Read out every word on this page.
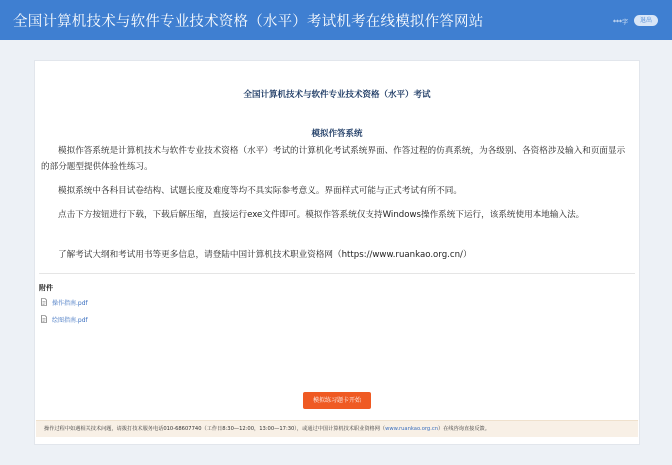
全国计算机技术与软件专业技术资格（水平）考试机考在线模拟作答网站	***字	退出
全国计算机技术与软件专业技术资格（水平）考试
模拟作答系统

模拟作答系统是计算机技术与软件专业技术资格（水平）考试的计算机化考试系统界面、作答过程的仿真系统，为各级别、各资格涉及输入和页面显示的部分题型提供体验性练习。

模拟系统中各科目试卷结构、试题长度及难度等均不具实际参考意义。界面样式可能与正式考试有所不同。

点击下方按钮进行下载，下载后解压缩，直接运行exe文件即可。模拟作答系统仅支持Windows操作系统下运行，该系统使用本地输入法。

了解考试大纲和考试用书等更多信息，请登陆中国计算机技术职业资格网（https://www.ruankao.org.cn/）

附件
操作指南.pdf
绘图指南.pdf
模拟练习题卡开始
操作过程中如遇相关技术问题，请拨打技术服务电话010-68607740（工作日8:30—12:00，13:00—17:30），或通过中国计算机技术职业资格网（www.ruankao.org.cn）在线咨询直接反馈。
